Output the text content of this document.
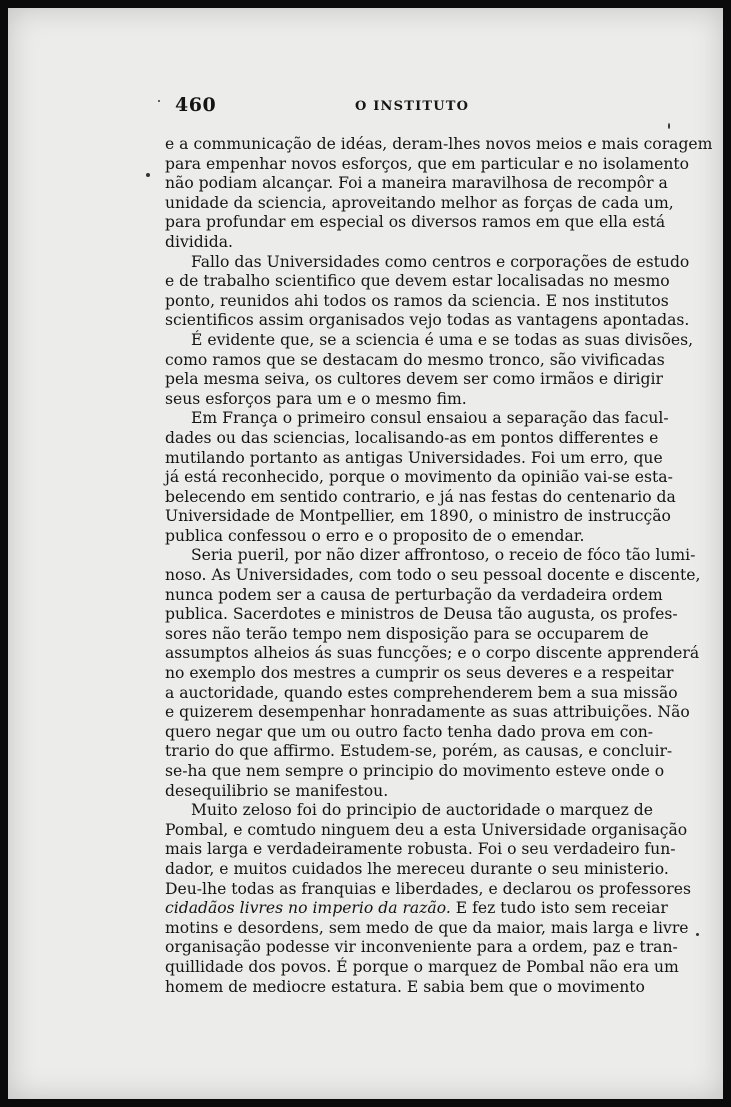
460	O INSTITUTO
e a communicação de idéas, deram-lhes novos meios e mais coragem
para empenhar novos esforços, que em particular e no isolamento
não podiam alcançar. Foi a maneira maravilhosa de recompôr a
unidade da sciencia, aproveitando melhor as forças de cada um,
para profundar em especial os diversos ramos em que ella está
dividida.
Fallo das Universidades como centros e corporações de estudo
e de trabalho scientifico que devem estar localisadas no mesmo
ponto, reunidos ahi todos os ramos da sciencia. E nos institutos
scientificos assim organisados vejo todas as vantagens apontadas.
É evidente que, se a sciencia é uma e se todas as suas divisões,
como ramos que se destacam do mesmo tronco, são vivificadas
pela mesma seiva, os cultores devem ser como irmãos e dirigir
seus esforços para um e o mesmo fim.
Em França o primeiro consul ensaiou a separação das facul-
dades ou das sciencias, localisando-as em pontos differentes e
mutilando portanto as antigas Universidades. Foi um erro, que
já está reconhecido, porque o movimento da opinião vai-se esta-
belecendo em sentido contrario, e já nas festas do centenario da
Universidade de Montpellier, em 1890, o ministro de instrucção
publica confessou o erro e o proposito de o emendar.
Seria pueril, por não dizer affrontoso, o receio de fóco tão lumi-
noso. As Universidades, com todo o seu pessoal docente e discente,
nunca podem ser a causa de perturbação da verdadeira ordem
publica. Sacerdotes e ministros de Deusa tão augusta, os profes-
sores não terão tempo nem disposição para se occuparem de
assumptos alheios ás suas funcções; e o corpo discente apprenderá
no exemplo dos mestres a cumprir os seus deveres e a respeitar
a auctoridade, quando estes comprehenderem bem a sua missão
e quizerem desempenhar honradamente as suas attribuições. Não
quero negar que um ou outro facto tenha dado prova em con-
trario do que affirmo. Estudem-se, porém, as causas, e concluir-
se-ha que nem sempre o principio do movimento esteve onde o
desequilibrio se manifestou.
Muito zeloso foi do principio de auctoridade o marquez de
Pombal, e comtudo ninguem deu a esta Universidade organisação
mais larga e verdadeiramente robusta. Foi o seu verdadeiro fun-
dador, e muitos cuidados lhe mereceu durante o seu ministerio.
Deu-lhe todas as franquias e liberdades, e declarou os professores
cidadãos livres no imperio da razão. E fez tudo isto sem receiar
motins e desordens, sem medo de que da maior, mais larga e livre
organisação podesse vir inconveniente para a ordem, paz e tran-
quillidade dos povos. É porque o marquez de Pombal não era um
homem de mediocre estatura. E sabia bem que o movimento
